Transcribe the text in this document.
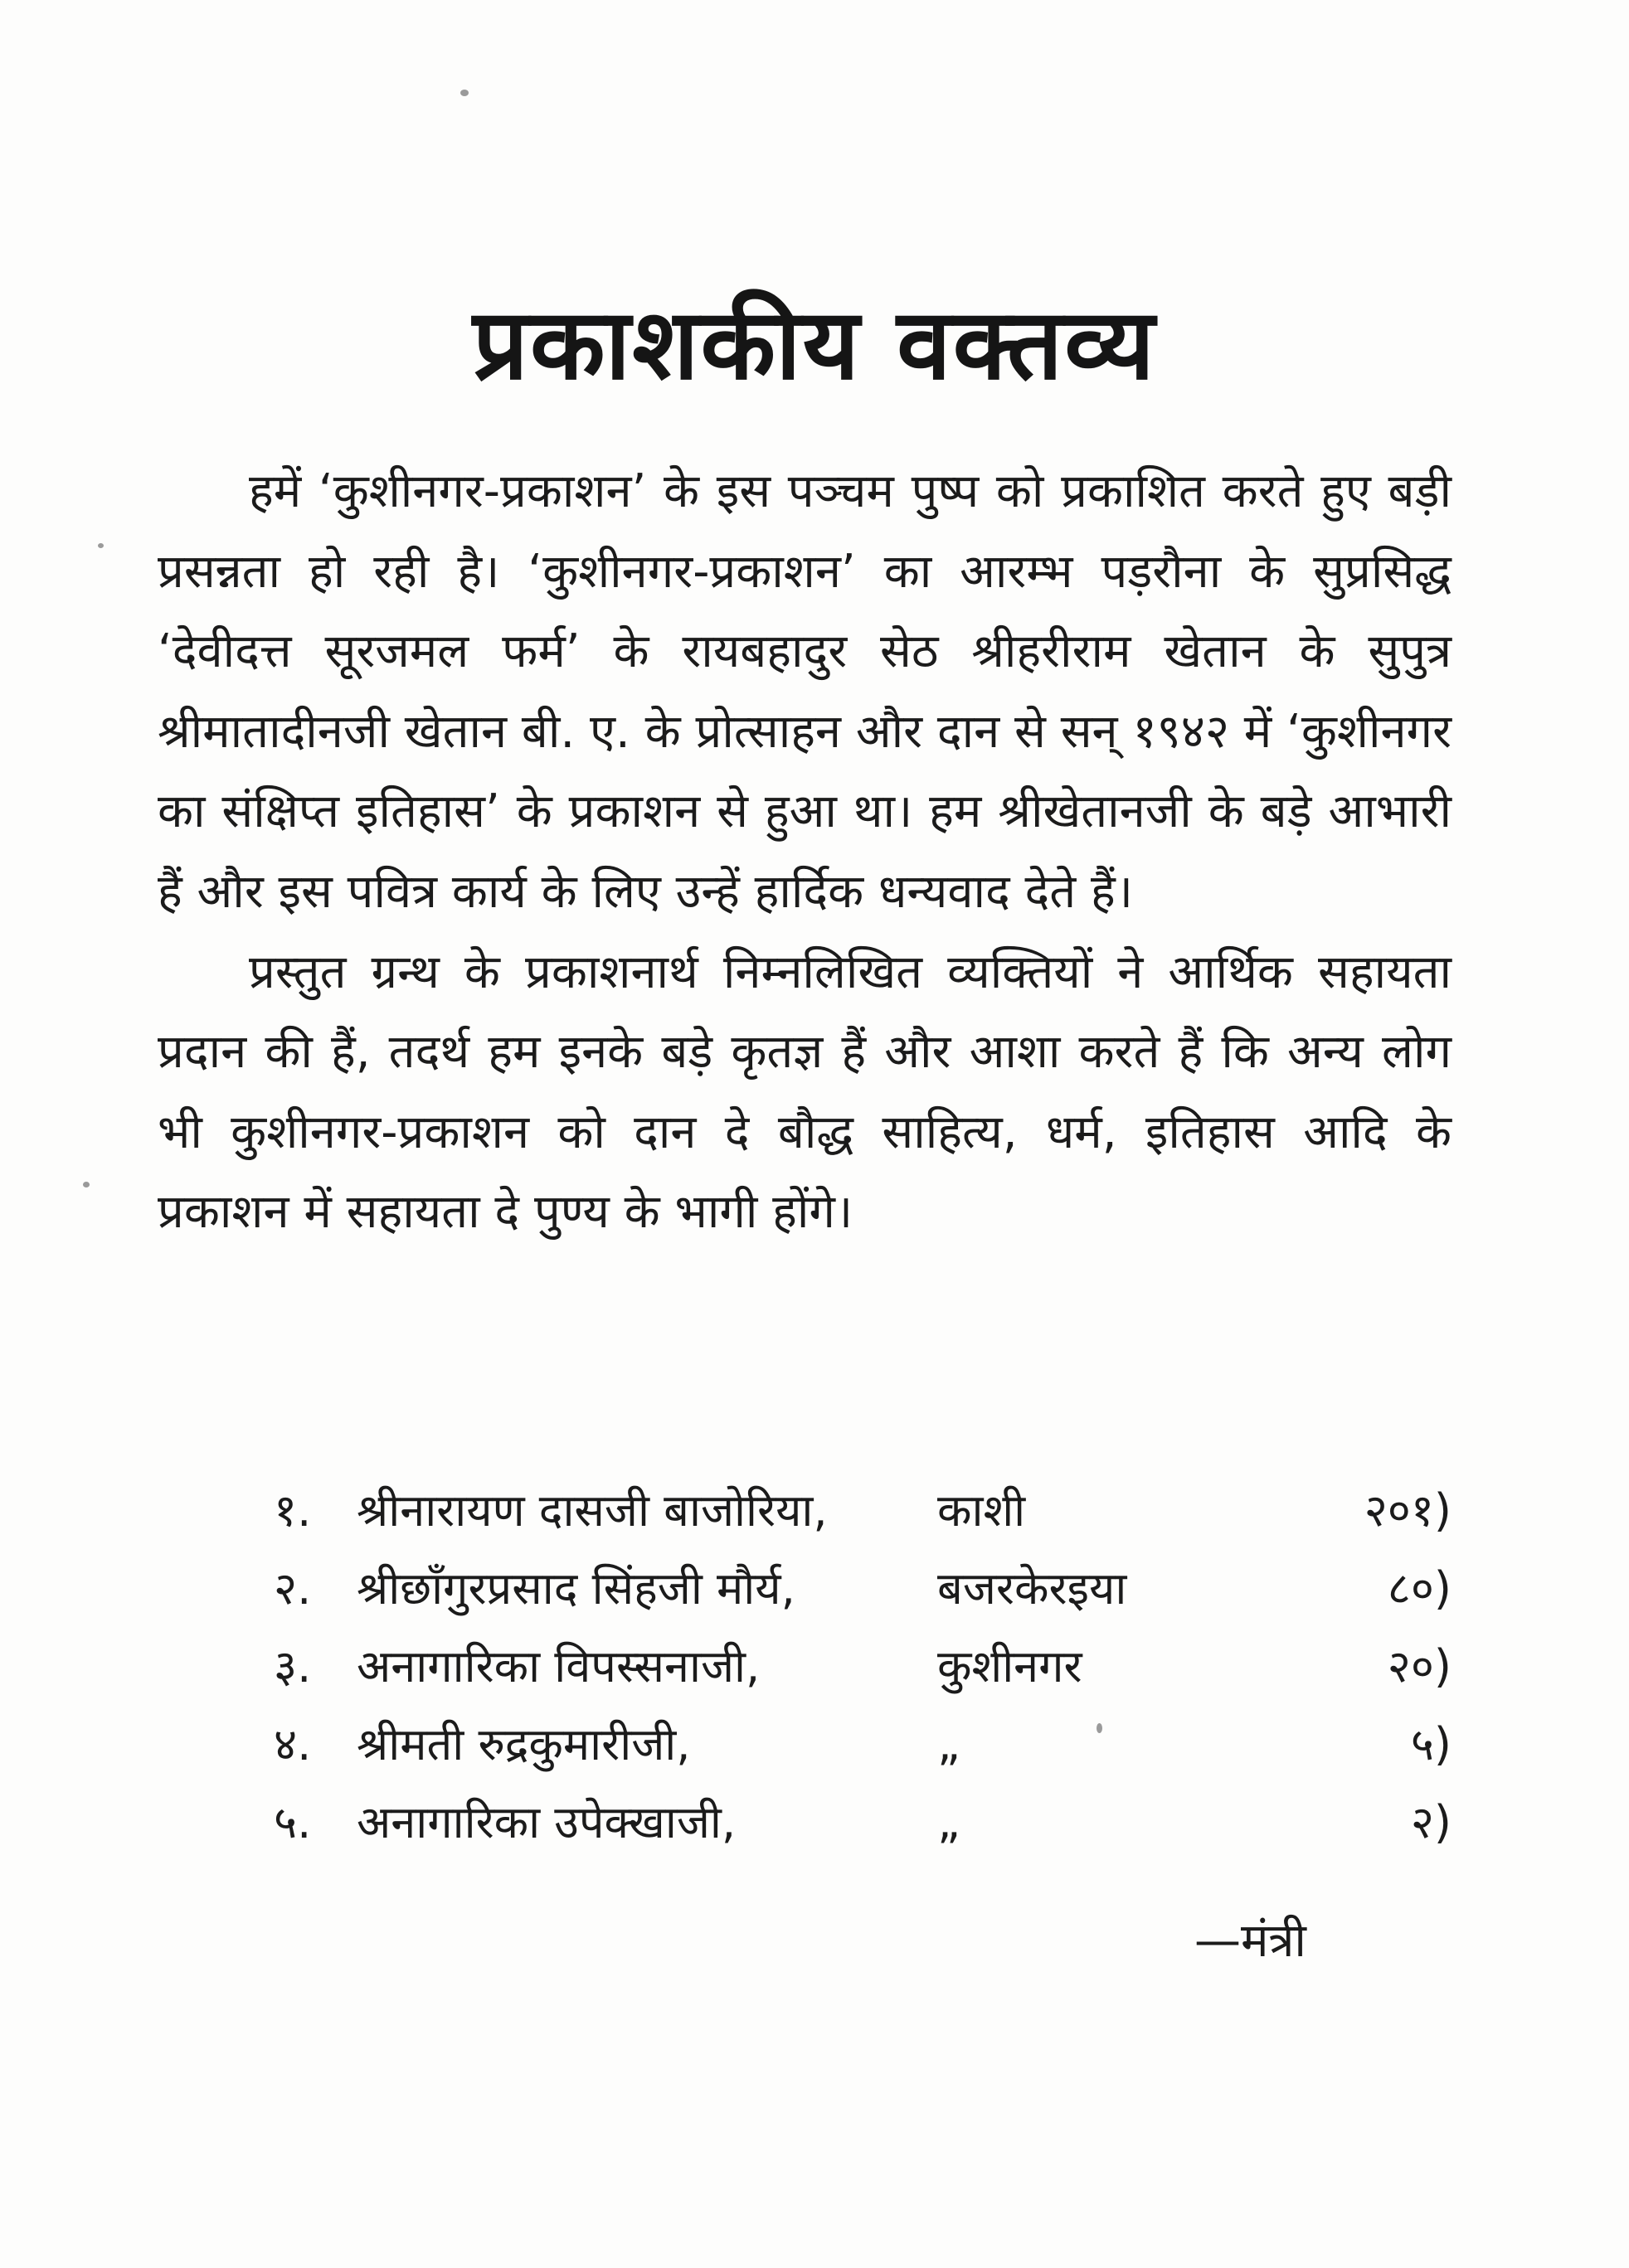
प्रकाशकीय वक्तव्य

हमें ‘कुशीनगर-प्रकाशन’ के इस पञ्चम पुष्प को प्रकाशित करते हुए बड़ी प्रसन्नता हो रही है। ‘कुशीनगर-प्रकाशन’ का आरम्भ पड़रौना के सुप्रसिद्ध ‘देवीदत्त सूरजमल फर्म’ के रायबहादुर सेठ श्रीहरीराम खेतान के सुपुत्र श्रीमातादीनजी खेतान बी. ए. के प्रोत्साहन और दान से सन् १९४२ में ‘कुशीनगर का संक्षिप्त इतिहास’ के प्रकाशन से हुआ था। हम श्रीखेतानजी के बड़े आभारी हैं और इस पवित्र कार्य के लिए उन्हें हार्दिक धन्यवाद देते हैं।

प्रस्तुत ग्रन्थ के प्रकाशनार्थ निम्नलिखित व्यक्तियों ने आर्थिक सहायता प्रदान की हैं, तदर्थ हम इनके बड़े कृतज्ञ हैं और आशा करते हैं कि अन्य लोग भी कुशीनगर-प्रकाशन को दान दे बौद्ध साहित्य, धर्म, इतिहास आदि के प्रकाशन में सहायता दे पुण्य के भागी होंगे।

१.	श्रीनारायण दासजी बाजोरिया,	काशी	२०१)
२.	श्रीछाँगुरप्रसाद सिंहजी मौर्य,	बजरकेरइया	८०)
३.	अनागारिका विपस्सनाजी,	कुशीनगर	२०)
४.	श्रीमती रुद्रकुमारीजी,	„	५)
५.	अनागारिका उपेक्खाजी,	„	२)
—मंत्री
